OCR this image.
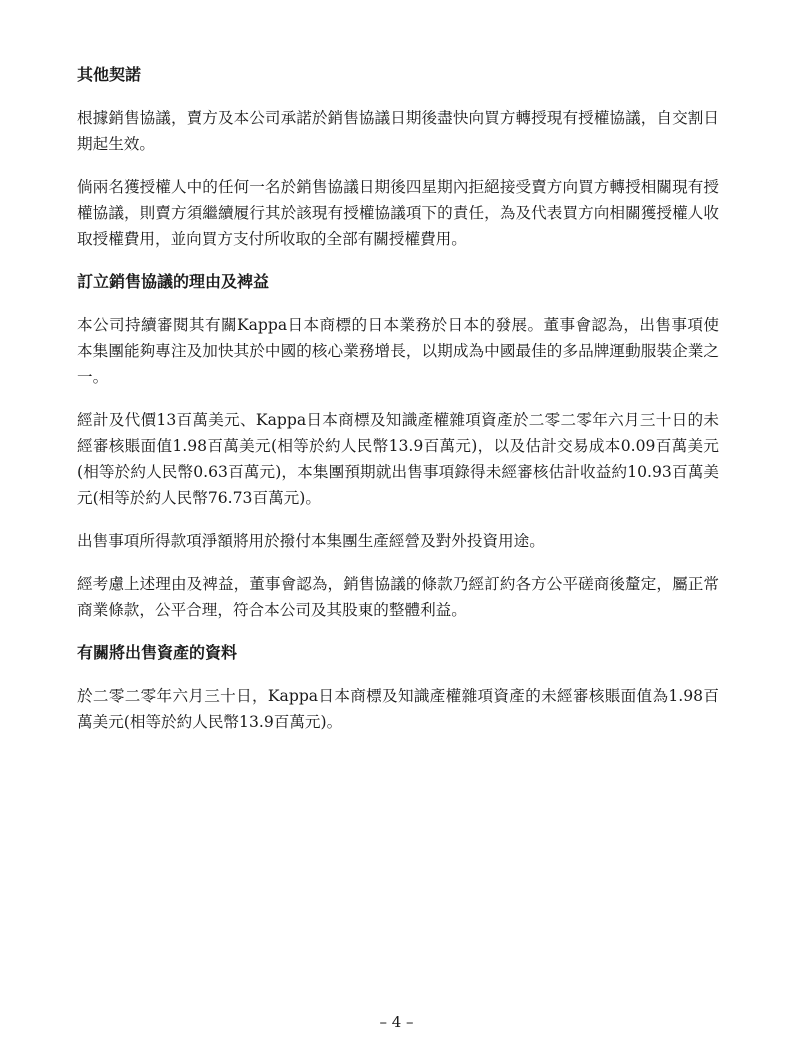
其他契諾

根據銷售協議，賣方及本公司承諾於銷售協議日期後盡快向買方轉授現有授權協議，自交割日期起生效。

倘兩名獲授權人中的任何一名於銷售協議日期後四星期內拒絕接受賣方向買方轉授相關現有授權協議，則賣方須繼續履行其於該現有授權協議項下的責任，為及代表買方向相關獲授權人收取授權費用，並向買方支付所收取的全部有關授權費用。

訂立銷售協議的理由及裨益

本公司持續審閱其有關Kappa日本商標的日本業務於日本的發展。董事會認為，出售事項使本集團能夠專注及加快其於中國的核心業務增長，以期成為中國最佳的多品牌運動服裝企業之一。

經計及代價13百萬美元、Kappa日本商標及知識產權雜項資產於二零二零年六月三十日的未經審核賬面值1.98百萬美元(相等於約人民幣13.9百萬元)，以及估計交易成本0.09百萬美元(相等於約人民幣0.63百萬元)，本集團預期就出售事項錄得未經審核估計收益約10.93百萬美元(相等於約人民幣76.73百萬元)。

出售事項所得款項淨額將用於撥付本集團生產經營及對外投資用途。

經考慮上述理由及裨益，董事會認為，銷售協議的條款乃經訂約各方公平磋商後釐定，屬正常商業條款，公平合理，符合本公司及其股東的整體利益。

有關將出售資產的資料

於二零二零年六月三十日，Kappa日本商標及知識產權雜項資產的未經審核賬面值為1.98百萬美元(相等於約人民幣13.9百萬元)。

– 4 –
